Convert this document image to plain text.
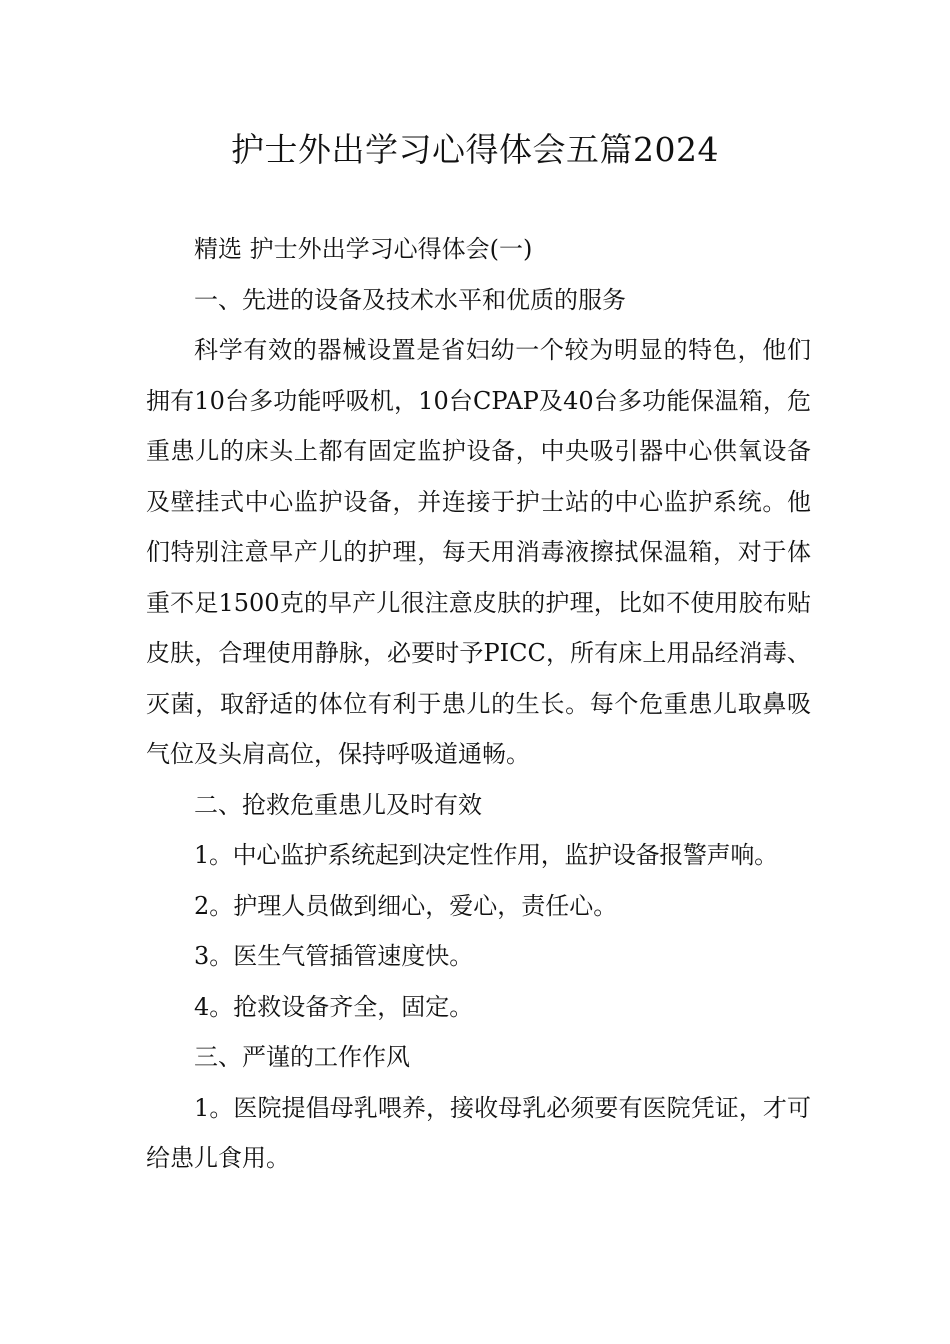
护士外出学习心得体会五篇2024

精选 护士外出学习心得体会(一)

一、先进的设备及技术水平和优质的服务

科学有效的器械设置是省妇幼一个较为明显的特色，他们拥有10台多功能呼吸机，10台CPAP及40台多功能保温箱，危重患儿的床头上都有固定监护设备，中央吸引器中心供氧设备及壁挂式中心监护设备，并连接于护士站的中心监护系统。他们特别注意早产儿的护理，每天用消毒液擦拭保温箱，对于体重不足1500克的早产儿很注意皮肤的护理，比如不使用胶布贴皮肤，合理使用静脉，必要时予PICC，所有床上用品经消毒、灭菌，取舒适的体位有利于患儿的生长。每个危重患儿取鼻吸气位及头肩高位，保持呼吸道通畅。

二、抢救危重患儿及时有效

1。中心监护系统起到决定性作用，监护设备报警声响。

2。护理人员做到细心，爱心，责任心。

3。医生气管插管速度快。

4。抢救设备齐全，固定。

三、严谨的工作作风

1。医院提倡母乳喂养，接收母乳必须要有医院凭证，才可给患儿食用。
